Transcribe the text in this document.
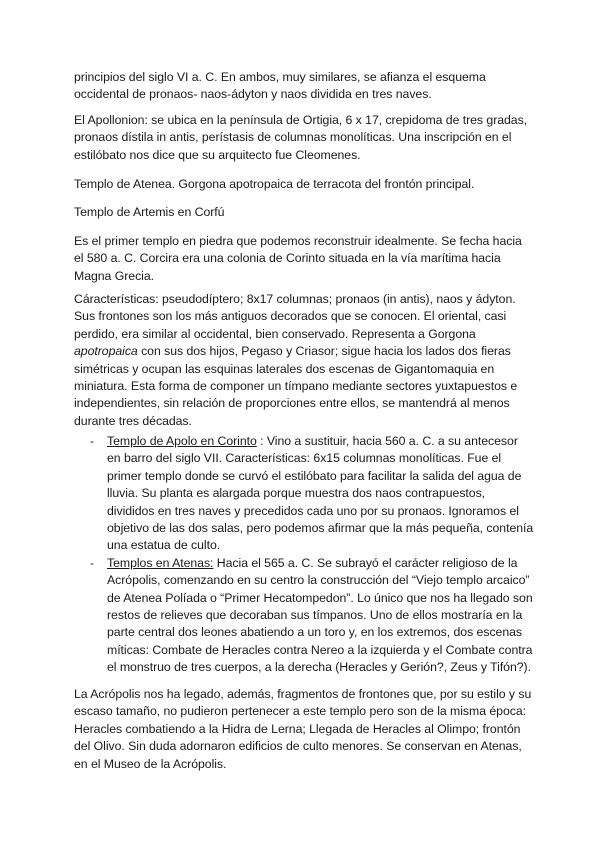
principios del siglo VI a. C. En ambos, muy similares, se afianza el esquema occidental de pronaos- naos-ádyton y naos dividida en tres naves.

El Apollonion: se ubica en la península de Ortigia, 6 x 17, crepidoma de tres gradas, pronaos dístila in antis, perístasis de columnas monolíticas. Una inscripción en el estilóbato nos dice que su arquitecto fue Cleomenes.

Templo de Atenea. Gorgona apotropaica de terracota del frontón principal.

Templo de Artemis en Corfú

Es el primer templo en piedra que podemos reconstruir idealmente. Se fecha hacia el 580 a. C. Corcira era una colonia de Corinto situada en la vía marítima hacia Magna Grecia.

Cáracterísticas: pseudodíptero; 8x17 columnas; pronaos (in antis), naos y ádyton. Sus frontones son los más antiguos decorados que se conocen. El oriental, casi perdido, era similar al occidental, bien conservado. Representa a Gorgona apotropaica con sus dos hijos, Pegaso y Criasor; sigue hacia los lados dos fieras simétricas y ocupan las esquinas laterales dos escenas de Gigantomaquia en miniatura. Esta forma de componer un tímpano mediante sectores yuxtapuestos e independientes, sin relación de proporciones entre ellos, se mantendrá al menos durante tres décadas.

- Templo de Apolo en Corinto : Vino a sustituir, hacia 560 a. C. a su antecesor en barro del siglo VII. Características: 6x15 columnas monolíticas. Fue el primer templo donde se curvó el estilóbato para facilitar la salida del agua de lluvia. Su planta es alargada porque muestra dos naos contrapuestos, divididos en tres naves y precedidos cada uno por su pronaos. Ignoramos el objetivo de las dos salas, pero podemos afirmar que la más pequeña, contenía una estatua de culto.
- Templos en Atenas: Hacia el 565 a. C. Se subrayó el carácter religioso de la Acrópolis, comenzando en su centro la construcción del “Viejo templo arcaico” de Atenea Políada o “Primer Hecatompedon”. Lo único que nos ha llegado son restos de relieves que decoraban sus tímpanos. Uno de ellos mostraría en la parte central dos leones abatiendo a un toro y, en los extremos, dos escenas míticas: Combate de Heracles contra Nereo a la izquierda y el Combate contra el monstruo de tres cuerpos, a la derecha (Heracles y Gerión?, Zeus y Tifón?).

La Acrópolis nos ha legado, además, fragmentos de frontones que, por su estilo y su escaso tamaño, no pudieron pertenecer a este templo pero son de la misma época: Heracles combatiendo a la Hidra de Lerna; Llegada de Heracles al Olimpo; frontón del Olivo. Sin duda adornaron edificios de culto menores. Se conservan en Atenas, en el Museo de la Acrópolis.
